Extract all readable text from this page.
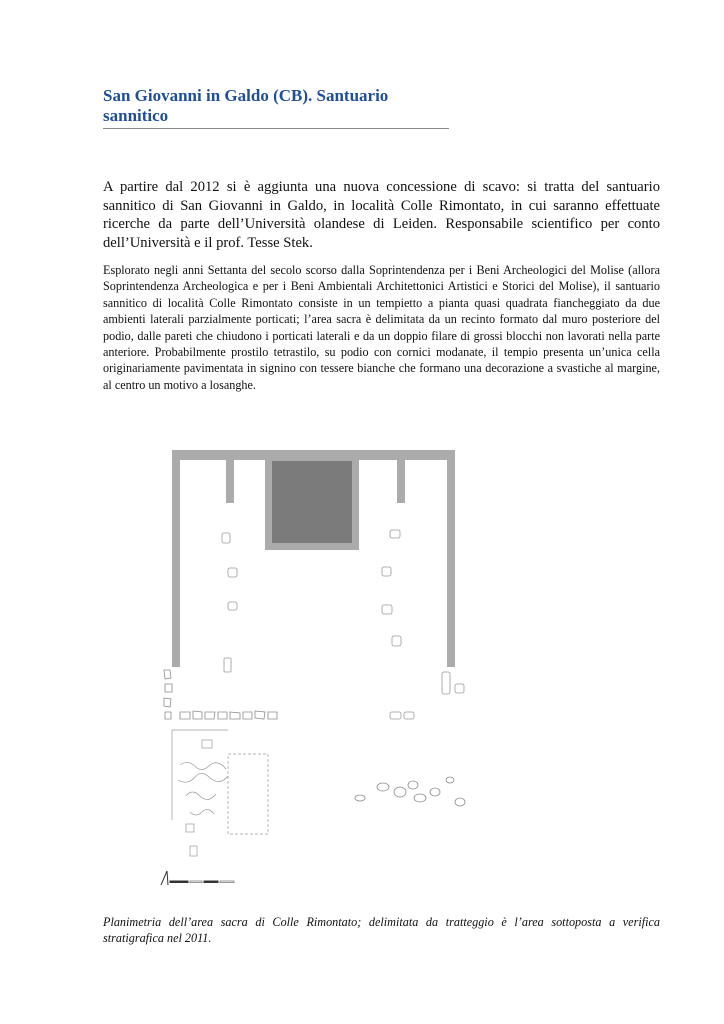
San Giovanni in Galdo (CB). Santuario sannitico

A partire dal 2012 si è aggiunta una nuova concessione di scavo: si tratta del santuario sannitico di San Giovanni in Galdo, in località Colle Rimontato, in cui saranno effettuate ricerche da parte dell’Università olandese di Leiden. Responsabile scientifico per conto dell’Università e il prof. Tesse Stek.

Esplorato negli anni Settanta del secolo scorso dalla Soprintendenza per i Beni Archeologici del Molise (allora Soprintendenza Archeologica e per i Beni Ambientali Architettonici Artistici e Storici del Molise), il santuario sannitico di località Colle Rimontato consiste in un tempietto a pianta quasi quadrata fiancheggiato da due ambienti laterali parzialmente porticati; l’area sacra è delimitata da un recinto formato dal muro posteriore del podio, dalle pareti che chiudono i porticati laterali e da un doppio filare di grossi blocchi non lavorati nella parte anteriore. Probabilmente prostilo tetrastilo, su podio con cornici modanate, il tempio presenta un’unica cella originariamente pavimentata in signino con tessere bianche che formano una decorazione a svastiche al margine, al centro un motivo a losanghe.

Planimetria dell’area sacra di Colle Rimontato; delimitata da tratteggio è l’area sottoposta a verifica stratigrafica nel 2011.
